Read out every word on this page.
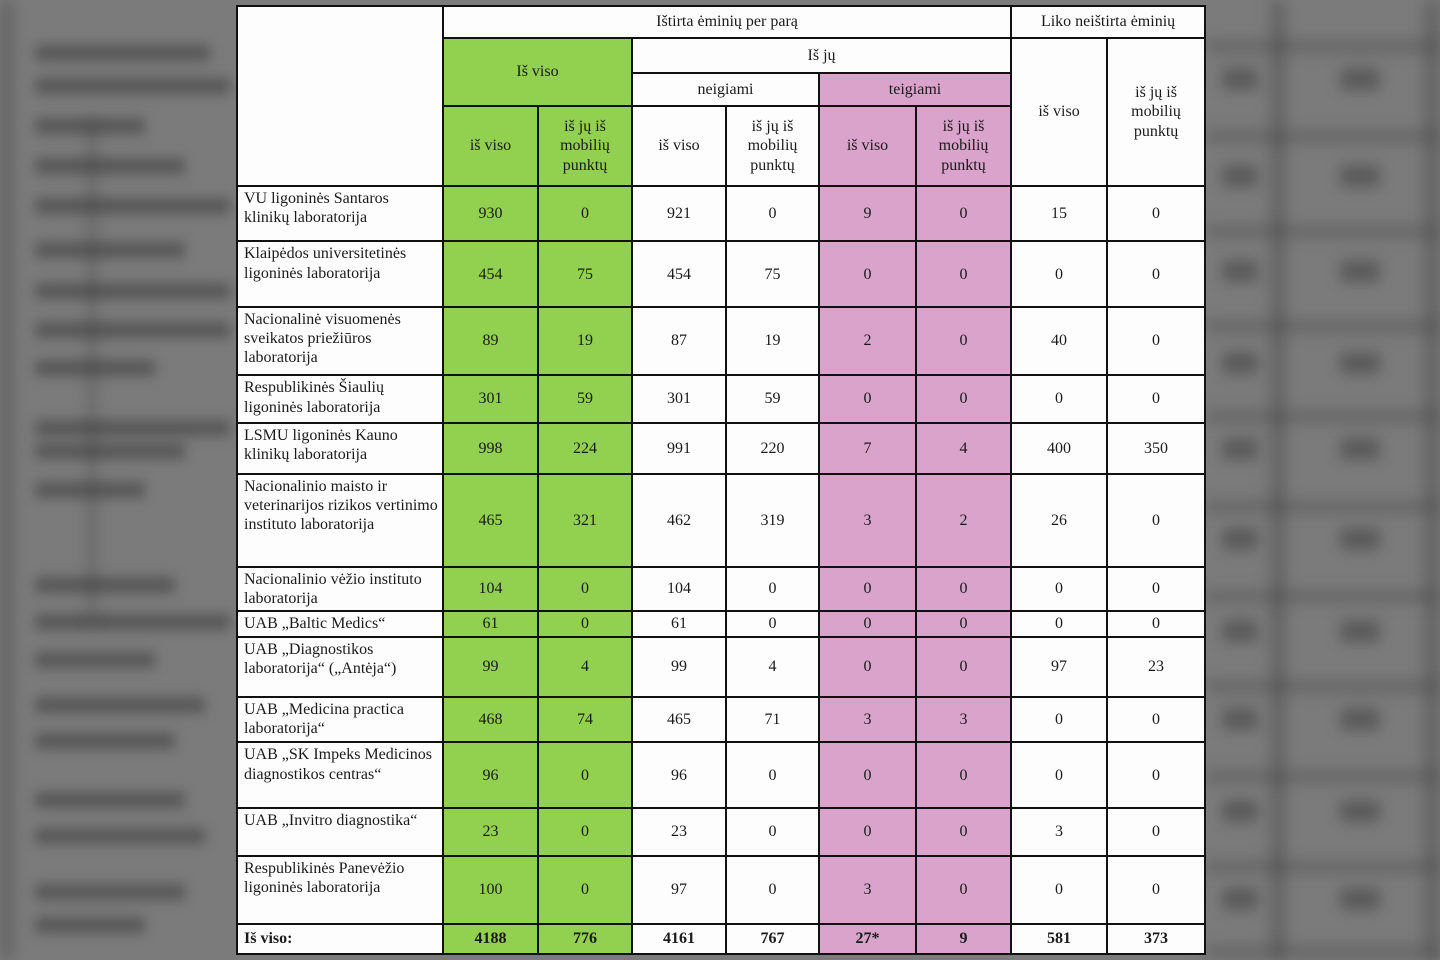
	Ištirta ėminių per parą						Liko neištirta ėminių	
	Iš viso		Iš jų				iš viso	iš jų iš mobilių punktų
			neigiami		teigiami			
	iš viso	iš jų iš mobilių punktų	iš viso	iš jų iš mobilių punktų	iš viso	iš jų iš mobilių punktų		
VU ligoninės Santaros klinikų laboratorija	930	0	921	0	9	0	15	0
Klaipėdos universitetinės ligoninės laboratorija	454	75	454	75	0	0	0	0
Nacionalinė visuomenės sveikatos priežiūros laboratorija	89	19	87	19	2	0	40	0
Respublikinės Šiaulių ligoninės laboratorija	301	59	301	59	0	0	0	0
LSMU ligoninės Kauno klinikų laboratorija	998	224	991	220	7	4	400	350
Nacionalinio maisto ir veterinarijos rizikos vertinimo instituto laboratorija	465	321	462	319	3	2	26	0
Nacionalinio vėžio instituto laboratorija	104	0	104	0	0	0	0	0
UAB „Baltic Medics“	61	0	61	0	0	0	0	0
UAB „Diagnostikos laboratorija“ („Antėja“)	99	4	99	4	0	0	97	23
UAB „Medicina practica laboratorija“	468	74	465	71	3	3	0	0
UAB „SK Impeks Medicinos diagnostikos centras“	96	0	96	0	0	0	0	0
UAB „Invitro diagnostika“	23	0	23	0	0	0	3	0
Respublikinės Panevėžio ligoninės laboratorija	100	0	97	0	3	0	0	0
Iš viso:	4188	776	4161	767	27*	9	581	373
